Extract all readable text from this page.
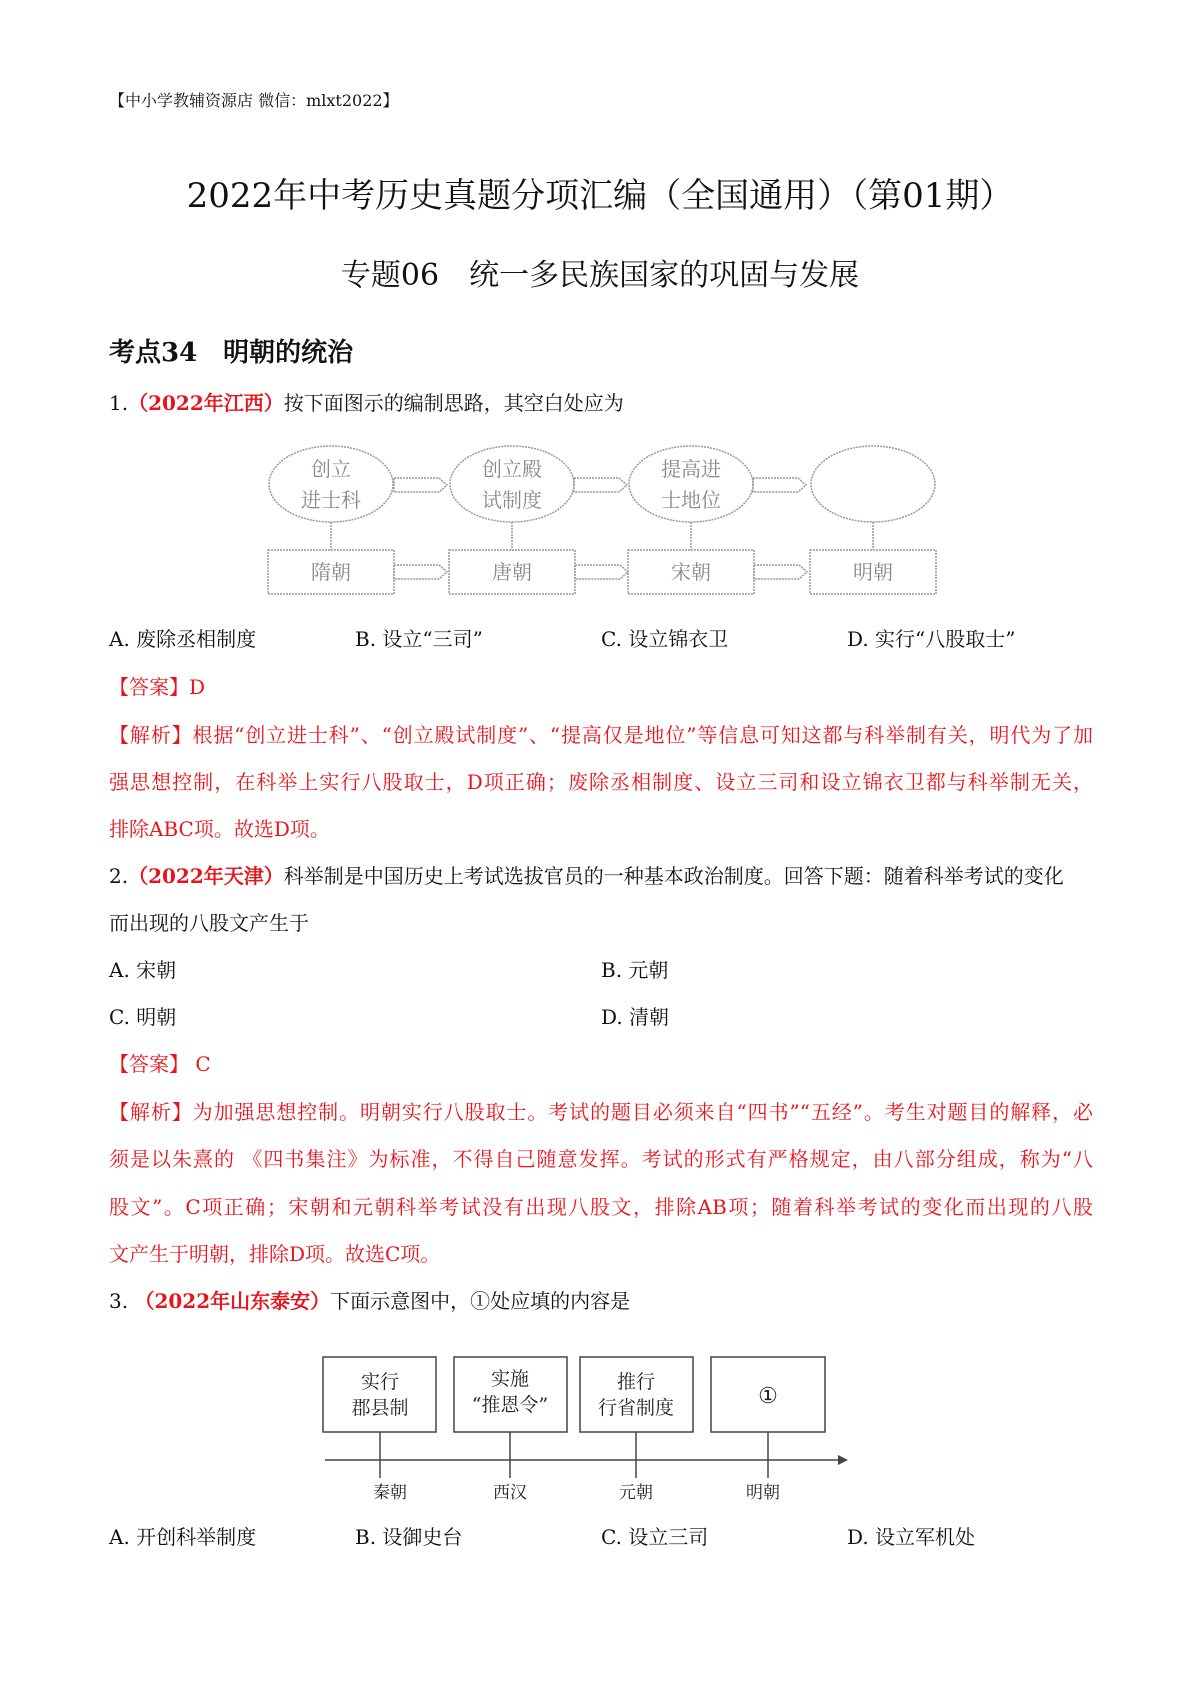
【中小学教辅资源店 微信：mlxt2022】
2022年中考历史真题分项汇编（全国通用）（第01期）
专题06　统一多民族国家的巩固与发展
考点34　明朝的统治
1.（2022年江西）按下面图示的编制思路，其空白处应为
创立
进士科
创立殿
试制度
提高进
士地位
隋朝	唐朝	宋朝	明朝
A. 废除丞相制度	B. 设立“三司”	C. 设立锦衣卫	D. 实行“八股取士”
【答案】D
【解析】根据“创立进士科”、“创立殿试制度”、“提高仅是地位”等信息可知这都与科举制有关，明代为了加
强思想控制，在科举上实行八股取士，D项正确；废除丞相制度、设立三司和设立锦衣卫都与科举制无关，
排除ABC项。故选D项。
2.（2022年天津）科举制是中国历史上考试选拔官员的一种基本政治制度。回答下题：随着科举考试的变化
而出现的八股文产生于
A. 宋朝	B. 元朝
C. 明朝	D. 清朝
【答案】 C
【解析】为加强思想控制。明朝实行八股取士。考试的题目必须来自“四书”“五经”。考生对题目的解释，必
须是以朱熹的 《四书集注》为标准，不得自己随意发挥。考试的形式有严格规定，由八部分组成，称为“八
股文”。C项正确；宋朝和元朝科举考试没有出现八股文，排除AB项；随着科举考试的变化而出现的八股
文产生于明朝，排除D项。故选C项。
3. （2022年山东泰安）下面示意图中，①处应填的内容是
实行
郡县制
实施
“推恩令”
推行
行省制度	①
秦朝	西汉	元朝	明朝
A. 开创科举制度	B. 设御史台	C. 设立三司	D. 设立军机处
